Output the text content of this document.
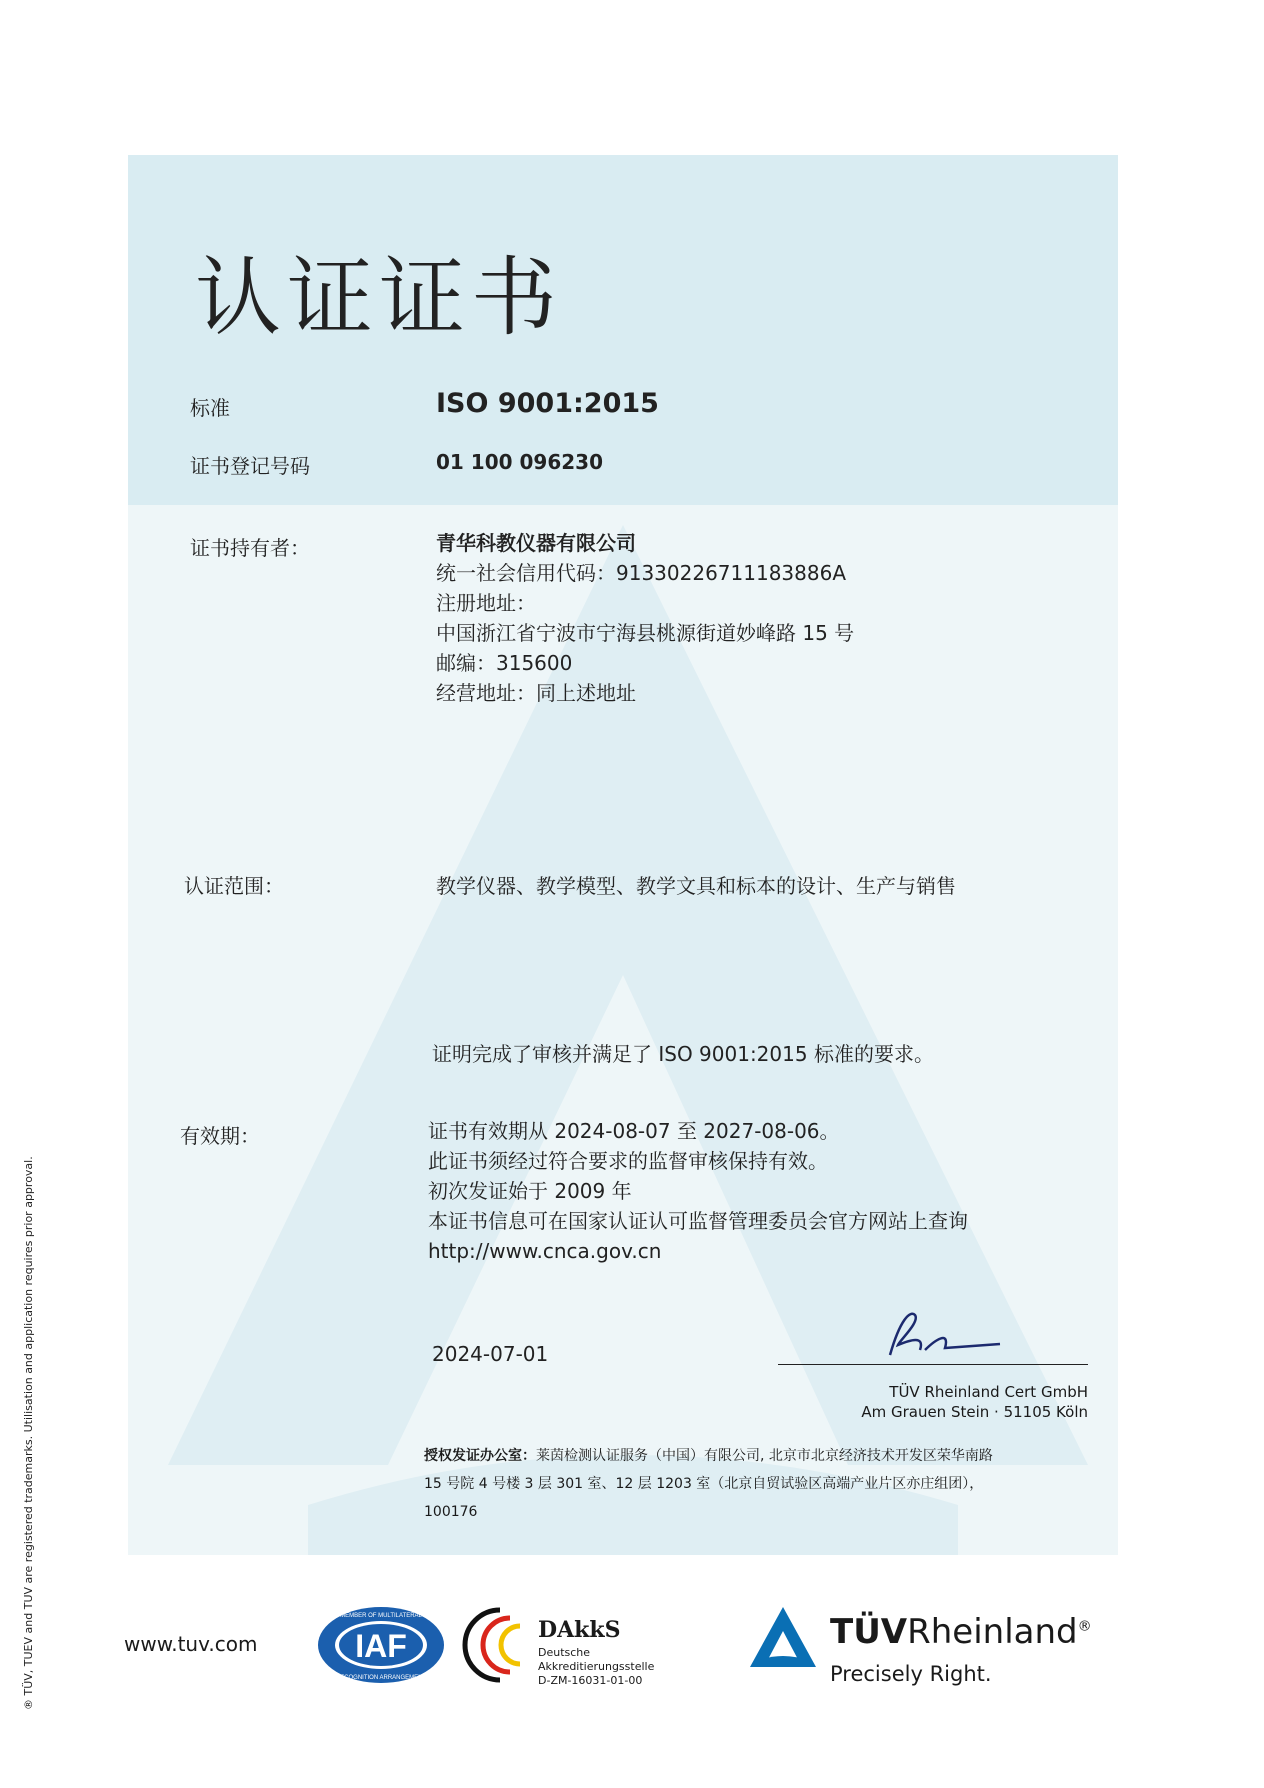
认证证书
标准	ISO 9001:2015
证书登记号码	01 100 096230
证书持有者：	青华科教仪器有限公司
统一社会信用代码：91330226711183886A
注册地址：
中国浙江省宁波市宁海县桃源街道妙峰路 15 号
邮编：315600
经营地址：同上述地址
认证范围：	教学仪器、教学模型、教学文具和标本的设计、生产与销售
证明完成了审核并满足了 ISO 9001:2015 标准的要求。
有效期：	证书有效期从 2024-08-07 至 2027-08-06。
此证书须经过符合要求的监督审核保持有效。
初次发证始于 2009 年
本证书信息可在国家认证认可监督管理委员会官方网站上查询
http://www.cnca.gov.cn
2024-07-01
TÜV Rheinland Cert GmbH
Am Grauen Stein · 51105 Köln
授权发证办公室：莱茵检测认证服务（中国）有限公司, 北京市北京经济技术开发区荣华南路
15 号院 4 号楼 3 层 301 室、12 层 1203 室（北京自贸试验区高端产业片区亦庄组团），
100176
® TÜV, TUEV and TUV are registered trademarks. Utilisation and application requires prior approval.	www.tuv.com	IAF
MEMBER OF MULTILATERAL
RECOGNITION ARRANGEMENT
DAkkS
Deutsche
Akkreditierungsstelle
D-ZM-16031-01-00
TÜVRheinland®
Precisely Right.
